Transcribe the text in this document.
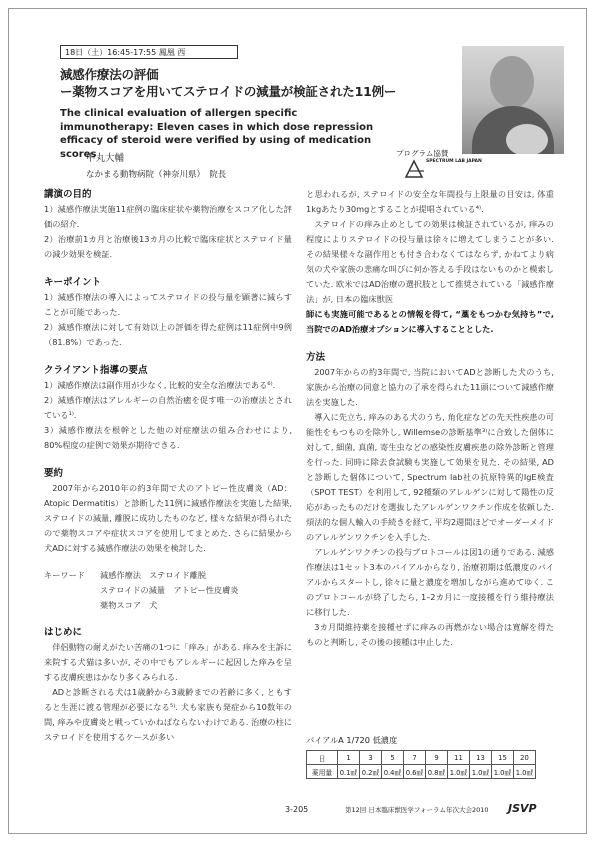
18日（土）16:45-17:55 鳳凰 西
減感作療法の評価
ー薬物スコアを用いてステロイドの減量が検証された11例ー
The clinical evaluation of allergen specific immunotherapy: Eleven cases in which dose repression efficacy of steroid were verified by using of medication scores
中丸大輔
なかまる動物病院（神奈川県）　院長
プログラム協賛
SPECTRUM LAB JAPAN
講演の目的

1）減感作療法実施11症例の臨床症状や薬物治療をスコア化した評価の紹介.

2）治療前1カ月と治療後13カ月の比較で臨床症状とステロイド量の減少効果を検証.

キーポイント

1）減感作療法の導入によってステロイドの投与量を顕著に減らすことが可能であった.

2）減感作療法に対して有効以上の評価を得た症例は11症例中9例（81.8%）であった.

クライアント指導の要点

1）減感作療法は副作用が少なく, 比較的安全な治療法である⁶⁾.

2）減感作療法はアレルギーの自然治癒を促す唯一の治療法とされている¹⁾.

3）減感作療法を根幹とした他の対症療法の組み合わせにより, 80%程度の症例で効果が期待できる.

要約

2007年から2010年の約3年間で犬のアトピー性皮膚炎（AD：Atopic Dermatitis）と診断した11例に減感作療法を実施した結果, ステロイドの減量, 離脱に成功したものなど, 様々な結果が得られたので薬物スコアや症状スコアを使用してまとめた. さらに結果から犬ADに対する減感作療法の効果を検討した.

キーワード	減感作療法　ステロイド離脱
ステロイドの減量　アトピー性皮膚炎
薬物スコア　犬
はじめに

伴侶動物の耐えがたい苦痛の1つに「痒み」がある. 痒みを主訴に来院する犬猫は多いが, その中でもアレルギーに起因した痒みを呈する皮膚疾患はかなり多くみられる.

ADと診断される犬は1歳齢から3歳齢までの若齢に多く, ともすると生涯に渡る管理が必要になる⁵⁾. 犬も家族も発症から10数年の間, 痒みや皮膚炎と戦っていかねばならないわけである. 治療の柱にステロイドを使用するケースが多い

と思われるが, ステロイドの安全な年間投与上限量の目安は, 体重1kgあたり30mgとすることが提唱されている⁴⁾.

ステロイドの痒み止めとしての効果は検証されているが, 痒みの程度によりステロイドの投与量は徐々に増えてしまうことが多い. その結果様々な副作用とも付き合わなくてはならず, かねてより病気の犬や家族の悲痛な叫びに何か答える手段はないものかと模索していた. 欧米ではAD治療の選択肢として推奨されている「減感作療法」が, 日本の臨床獣医

師にも実施可能であるとの情報を得て, “藁をもつかむ気持ち”で, 当院でのAD治療オプションに導入することとした.

方法

2007年からの約3年間で, 当院においてADと診断した犬のうち, 家族から治療の同意と協力の了承を得られた11頭について減感作療法を実施した.

導入に先立ち, 痒みのある犬のうち, 角化症などの先天性疾患の可能性をもつものを除外し, Willemseの診断基準³⁾に合致した個体に対して, 細菌, 真菌, 寄生虫などの感染性皮膚疾患の除外診断と管理を行った. 同時に除去食試験も実施して効果を見た. その結果, ADと診断した個体について, Spectrum lab社の抗原特異的IgE検査（SPOT TEST）を利用して, 92種類のアレルゲンに対して陽性の反応があったものだけを選抜したアレルゲンワクチン作成を依頼した. 煩法的な個人輸入の手続きを経て, 平均2週間ほどでオーダーメイドのアレルゲンワクチンを入手した.

アレルゲンワクチンの投与プロトコールは図1の通りである. 減感作療法は1セット3本のバイアルからなり, 治療初期は低濃度のバイアルからスタートし, 徐々に量と濃度を増加しながら進めてゆく. このプロトコールが終了したら, 1–2カ月に一度接種を行う維持療法に移行した.

3カ月間維持薬を接種せずに痒みの再燃がない場合は寛解を得たものと判断し, その後の接種は中止した.

バイアルA 1/720 低濃度
日	1	3	5	7	9	11	13	15	20
薬用量	0.1㎖	0.2㎖	0.4㎖	0.6㎖	0.8㎖	1.0㎖	1.0㎖	1.0㎖	1.0㎖
3-205	第12回 日本臨床獣医学フォーラム年次大会2010 JSVP
